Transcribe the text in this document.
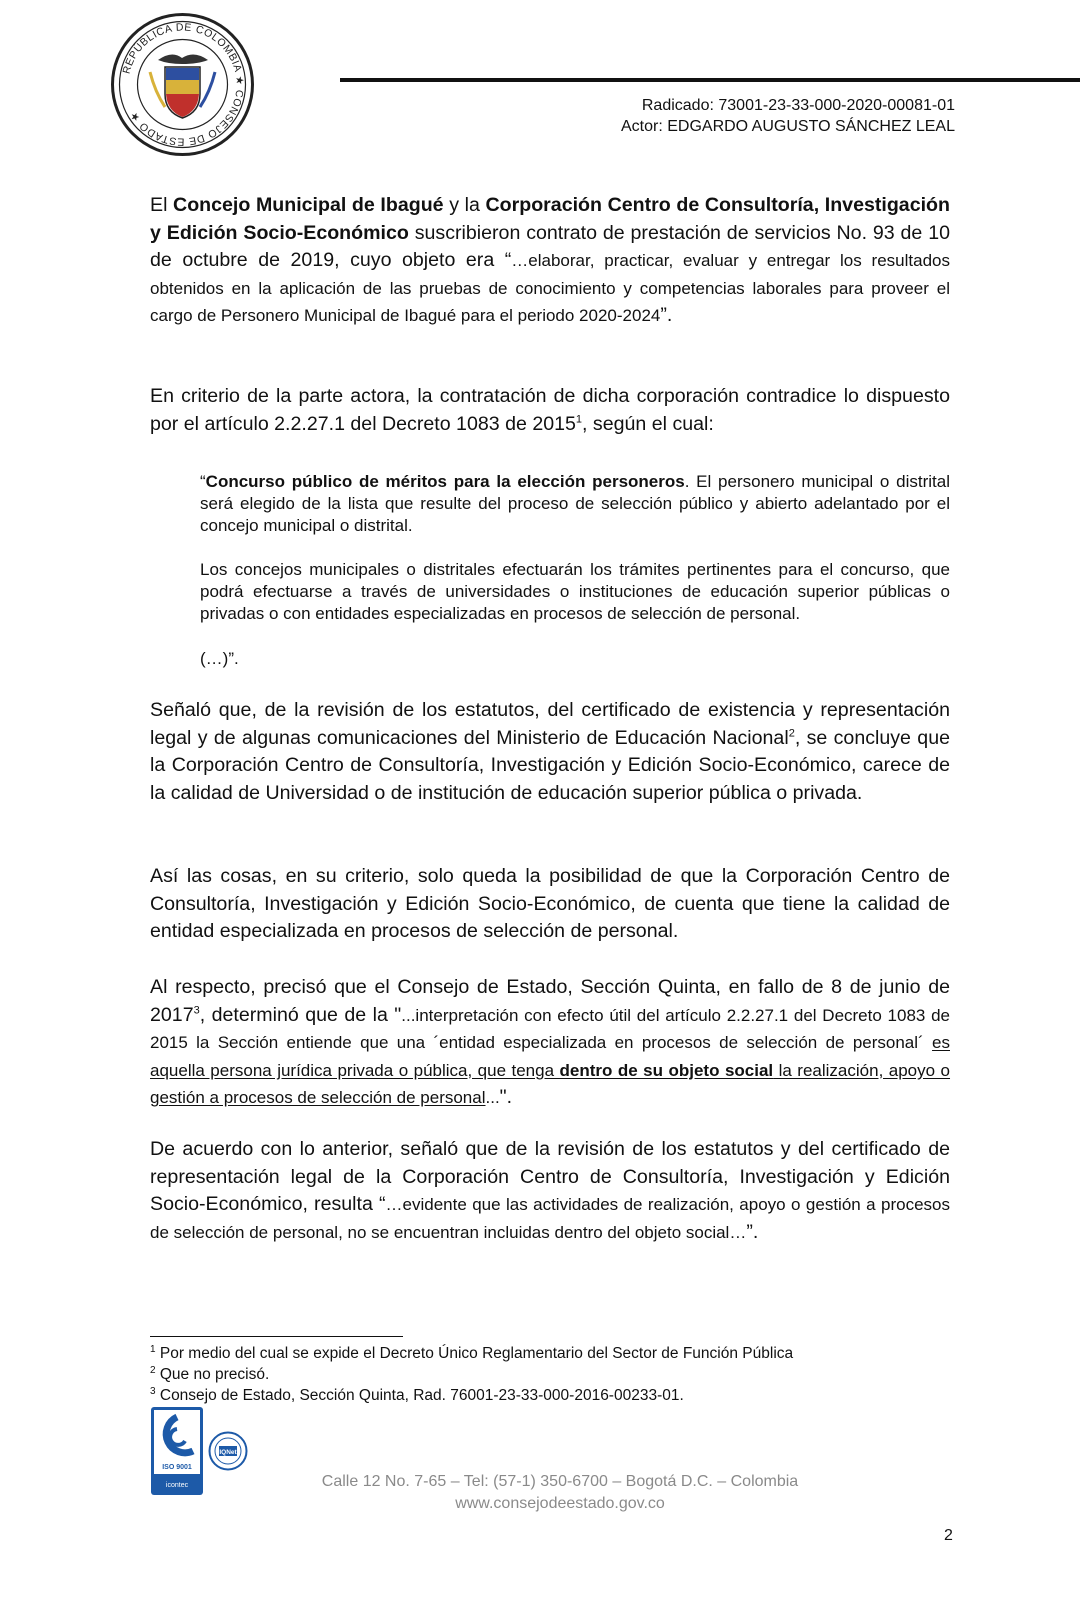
REPÚBLICA DE COLOMBIA ★ CONSEJO DE ESTADO ★
Radicado: 73001-23-33-000-2020-00081-01
Actor: EDGARDO AUGUSTO SÁNCHEZ LEAL

El Concejo Municipal de Ibagué y la Corporación Centro de Consultoría, Investigación y Edición Socio-Económico suscribieron contrato de prestación de servicios No. 93 de 10 de octubre de 2019, cuyo objeto era “…elaborar, practicar, evaluar y entregar los resultados obtenidos en la aplicación de las pruebas de conocimiento y competencias laborales para proveer el cargo de Personero Municipal de Ibagué para el periodo 2020-2024”.

En criterio de la parte actora, la contratación de dicha corporación contradice lo dispuesto por el artículo 2.2.27.1 del Decreto 1083 de 2015$^1$, según el cual:

“Concurso público de méritos para la elección personeros. El personero municipal o distrital será elegido de la lista que resulte del proceso de selección público y abierto adelantado por el concejo municipal o distrital.

Los concejos municipales o distritales efectuarán los trámites pertinentes para el concurso, que podrá efectuarse a través de universidades o instituciones de educación superior públicas o privadas o con entidades especializadas en procesos de selección de personal.

(…)”.

Señaló que, de la revisión de los estatutos, del certificado de existencia y representación legal y de algunas comunicaciones del Ministerio de Educación Nacional$^2$, se concluye que la Corporación Centro de Consultoría, Investigación y Edición Socio-Económico, carece de la calidad de Universidad o de institución de educación superior pública o privada.

Así las cosas, en su criterio, solo queda la posibilidad de que la Corporación Centro de Consultoría, Investigación y Edición Socio-Económico, de cuenta que tiene la calidad de entidad especializada en procesos de selección de personal.

Al respecto, precisó que el Consejo de Estado, Sección Quinta, en fallo de 8 de junio de 2017$^3$, determinó que de la "...interpretación con efecto útil del artículo 2.2.27.1 del Decreto 1083 de 2015 la Sección entiende que una ´entidad especializada en procesos de selección de personal´ es aquella persona jurídica privada o pública, que tenga dentro de su objeto social la realización, apoyo o gestión a procesos de selección de personal...".

De acuerdo con lo anterior, señaló que de la revisión de los estatutos y del certificado de representación legal de la Corporación Centro de Consultoría, Investigación y Edición Socio-Económico, resulta “…evidente que las actividades de realización, apoyo o gestión a procesos de selección de personal, no se encuentran incluidas dentro del objeto social…”.

$^1$ Por medio del cual se expide el Decreto Único Reglamentario del Sector de Función Pública
$^2$ Que no precisó.
$^3$ Consejo de Estado, Sección Quinta, Rad. 76001-23-33-000-2016-00233-01.
ISO 9001
icontec
IQNet
Calle 12 No. 7-65 – Tel: (57-1) 350-6700 – Bogotá D.C. – Colombia
www.consejodeestado.gov.co
2
